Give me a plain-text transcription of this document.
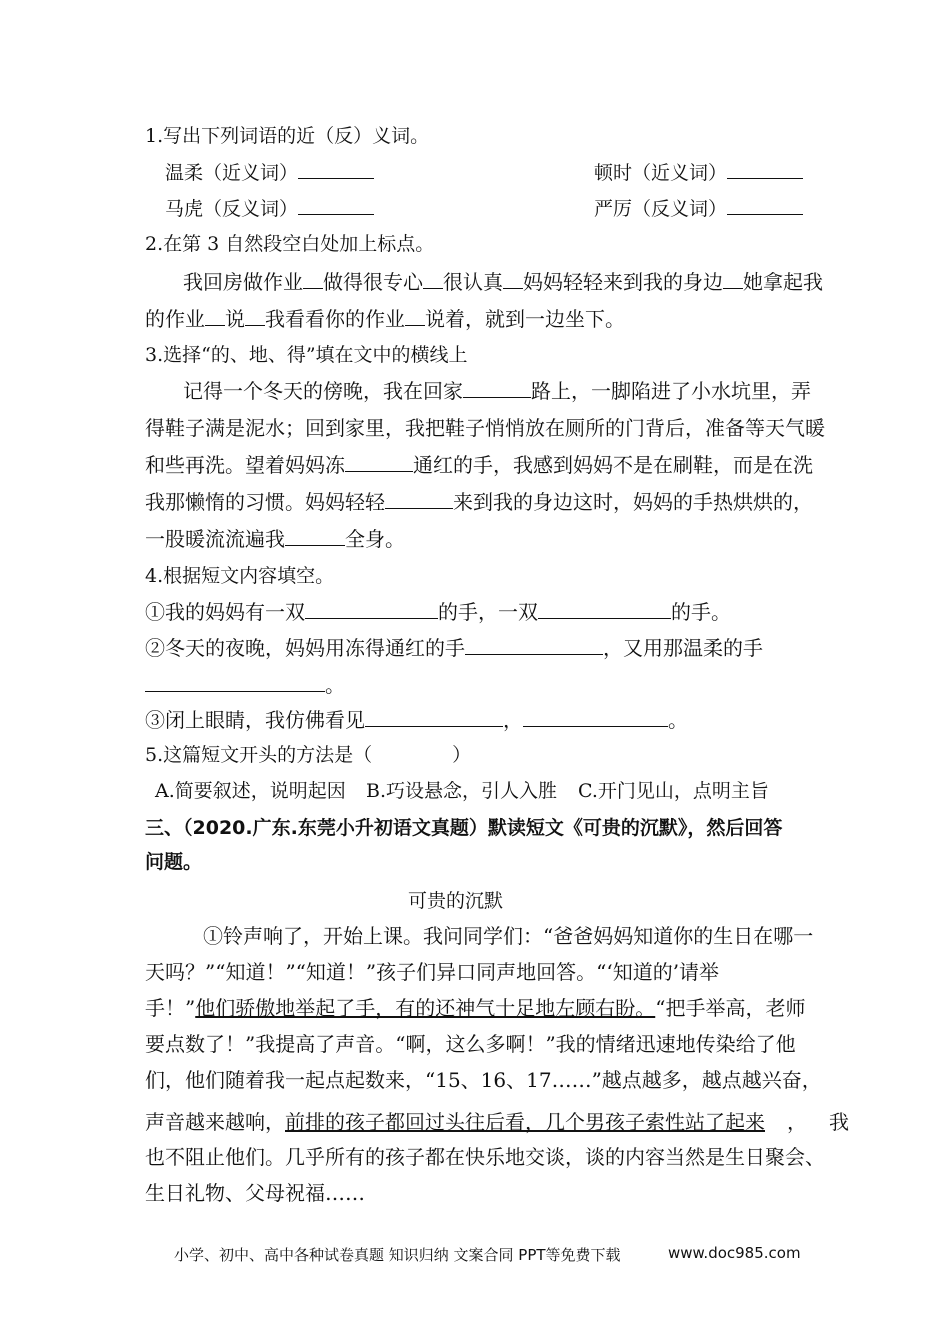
1.写出下列词语的近（反）义词。
温柔（近义词）	顿时（近义词）
马虎（反义词）	严厉（反义词）
2.在第 3 自然段空白处加上标点。
我回房做作业 做得很专心 很认真 妈妈轻轻来到我的身边 她拿起我
的作业 说 我看看你的作业 说着，就到一边坐下。
3.选择“的、地、得”填在文中的横线上
记得一个冬天的傍晚，我在回家	路上，一脚陷进了小水坑里，弄
得鞋子满是泥水；回到家里，我把鞋子悄悄放在厕所的门背后，准备等天气暖
和些再洗。望着妈妈冻	通红的手，我感到妈妈不是在刷鞋，而是在洗
我那懒惰的习惯。妈妈轻轻	来到我的身边这时，妈妈的手热烘烘的，
一股暖流流遍我	全身。
4.根据短文内容填空。
①我的妈妈有一双	的手，一双	的手。
②冬天的夜晚，妈妈用冻得通红的手	，又用那温柔的手
。
③闭上眼睛，我仿佛看见	，	。
5.这篇短文开头的方法是（	）
A.简要叙述，说明起因 B.巧设悬念，引人入胜 C.开门见山，点明主旨
三、（2020.广东.东莞小升初语文真题）默读短文《可贵的沉默》，然后回答
问题。
可贵的沉默
①铃声响了，开始上课。我问同学们：“爸爸妈妈知道你的生日在哪一
天吗？”“知道！”“知道！”孩子们异口同声地回答。“‘知道的’请举
手！”他们骄傲地举起了手，有的还神气十足地左顾右盼。“把手举高，老师
要点数了！”我提高了声音。“啊，这么多啊！”我的情绪迅速地传染给了他
们，他们随着我一起点起数来，“15、16、17……”越点越多，越点越兴奋，
声音越来越响，前排的孩子都回过头往后看，几个男孩子索性站了起来 ， 我
也不阻止他们。几乎所有的孩子都在快乐地交谈，谈的内容当然是生日聚会、
生日礼物、父母祝福……
小学、初中、高中各种试卷真题 知识归纳 文案合同 PPT等免费下载	www.doc985.com
